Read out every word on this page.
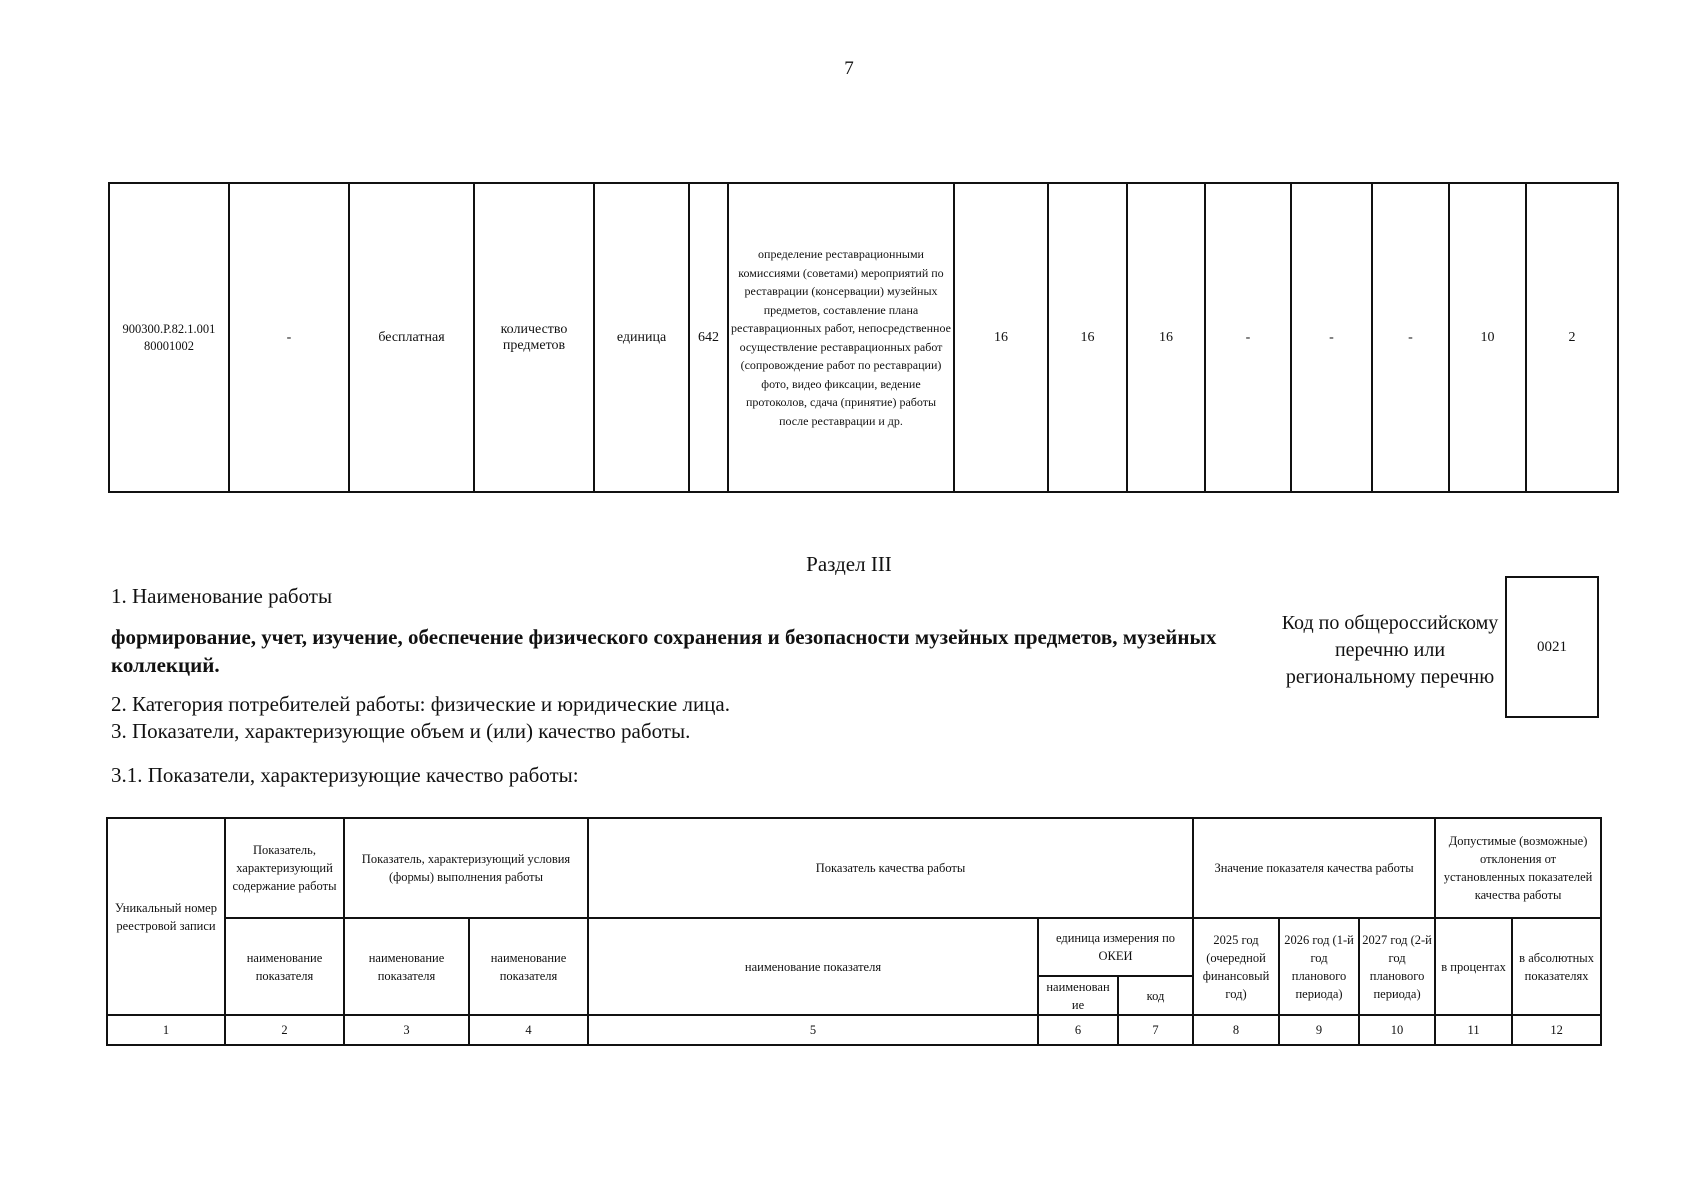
7
900300.Р.82.1.001 80001002	-	бесплатная	количество предметов	единица	642	определение реставрационными комиссиями (советами) мероприятий по реставрации (консервации) музейных предметов, составление плана реставрационных работ, непосредственное осуществление реставрационных работ (сопровождение работ по реставрации) фото, видео фиксации, ведение протоколов, сдача (принятие) работы после реставрации и др.	16	16	16	-	-	-	10	2
Раздел III
1. Наименование работы
формирование, учет, изучение, обеспечение физического сохранения и безопасности музейных предметов, музейных коллекций.
Код по общероссийскому перечню или региональному перечню
0021
2. Категория потребителей работы: физические и юридические лица.
3. Показатели, характеризующие объем и (или) качество работы.
3.1. Показатели, характеризующие качество работы:
Уникальный номер реестровой записи	Показатель, характеризующий содержание работы	Показатель, характеризующий условия (формы) выполнения работы		Показатель качества работы			Значение показателя качества работы			Допустимые (возможные) отклонения от установленных показателей качества работы	
	наименование показателя	наименование показателя	наименование показателя	наименование показателя	единица измерения по ОКЕИ		2025 год (очередной финансовый год)	2026 год (1-й год планового периода)	2027 год (2-й год планового периода)	в процентах	в абсолютных показателях
					наименован ие	код					
1	2	3	4	5	6	7	8	9	10	11	12
